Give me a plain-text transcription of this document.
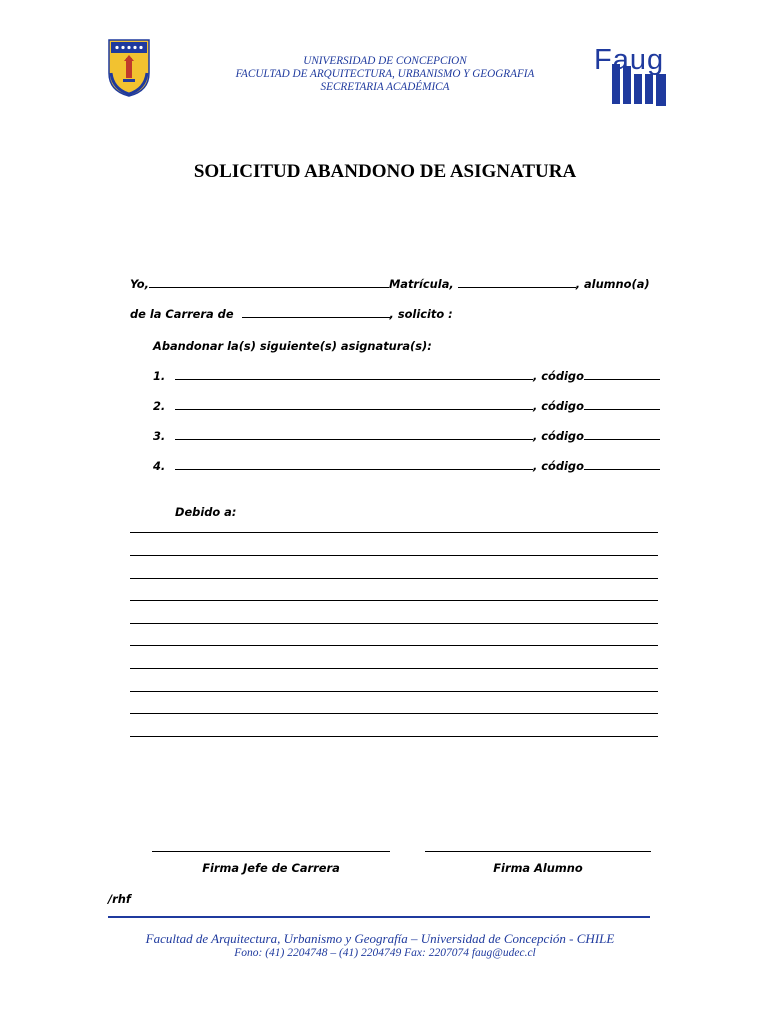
UNIVERSIDAD DE CONCEPCION
FACULTAD DE ARQUITECTURA, URBANISMO Y GEOGRAFIA
SECRETARIA ACADÉMICA
Faug
SOLICITUD ABANDONO DE ASIGNATURA
Yo,	Matrícula,	, alumno(a)
de la Carrera de	, solicito :
Abandonar la(s) siguiente(s) asignatura(s):
1.	, código
2.	, código
3.	, código
4.	, código
Debido a:
Firma Jefe de Carrera	Firma Alumno
/rhf
Facultad de Arquitectura, Urbanismo y Geografía – Universidad de Concepción - CHILE
Fono: (41) 2204748 – (41) 2204749 Fax: 2207074 faug@udec.cl
